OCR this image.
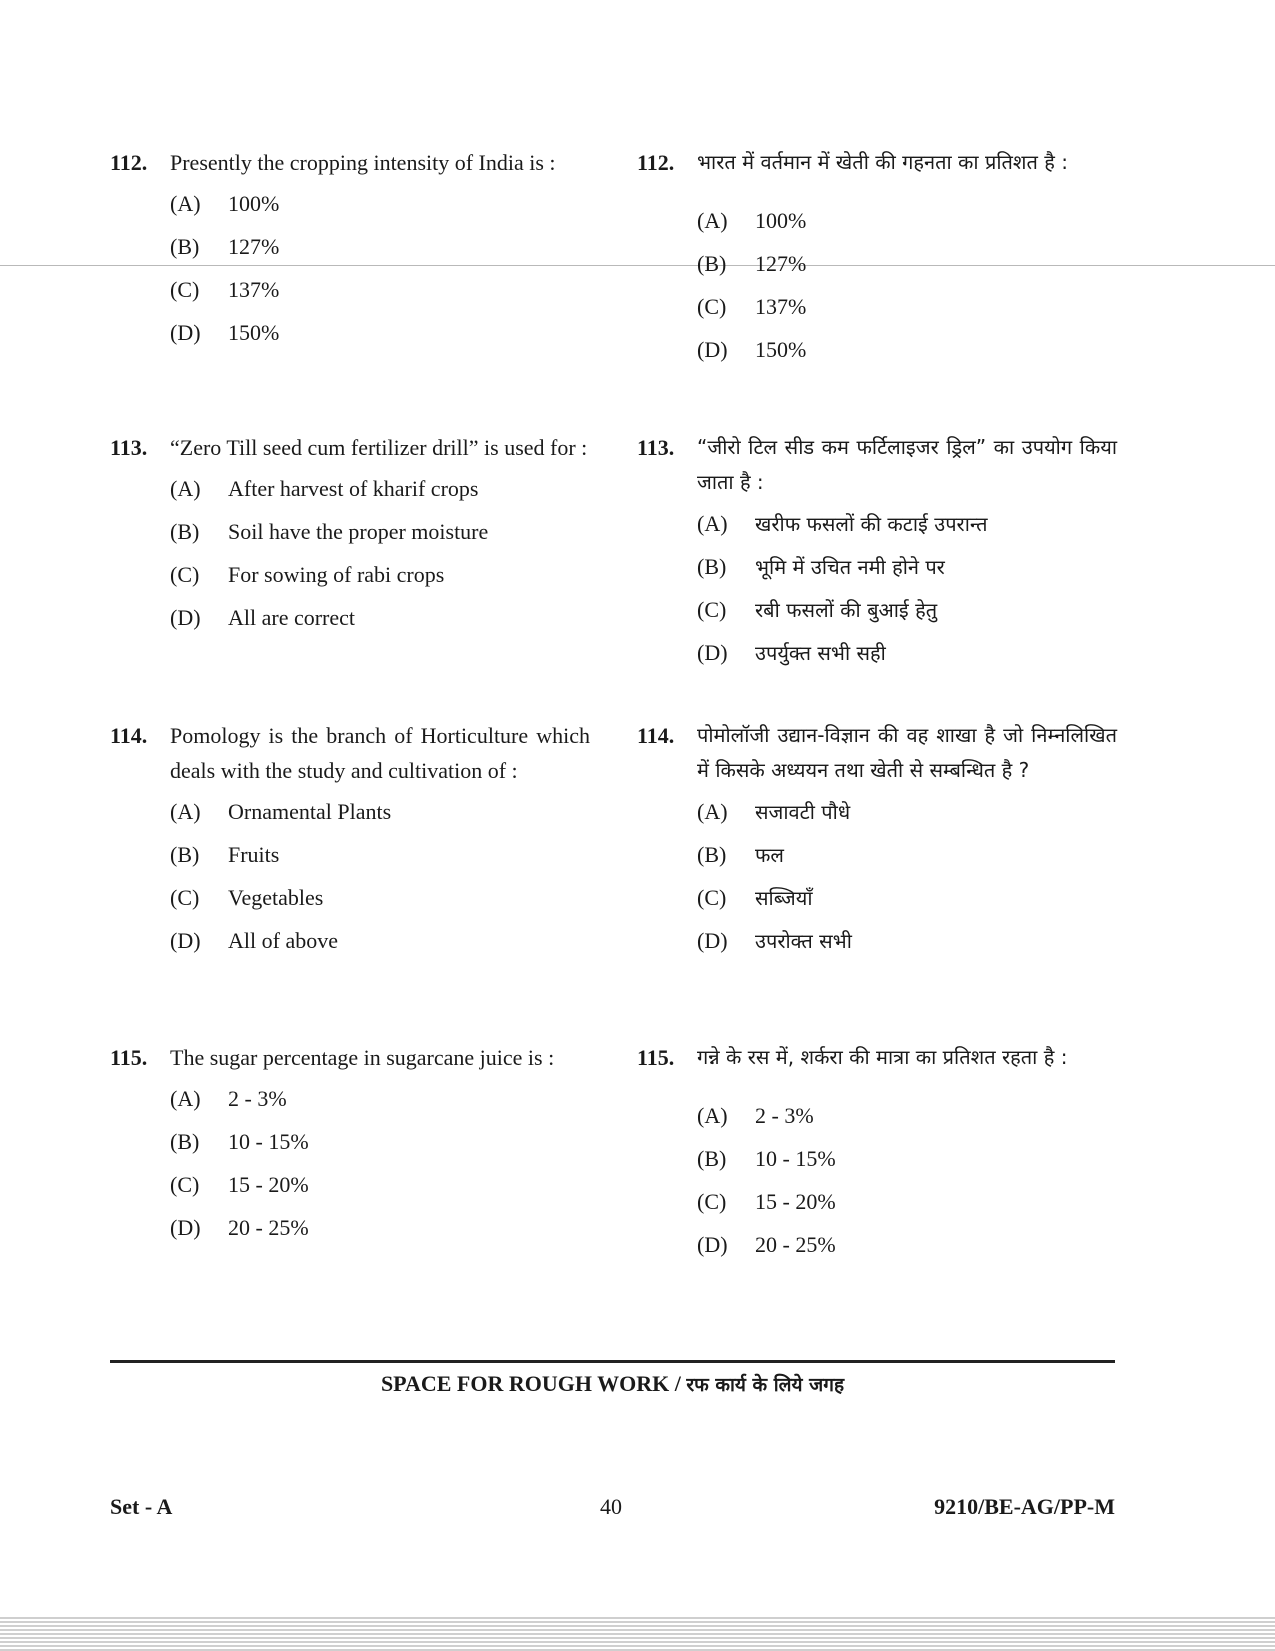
112. Presently the cropping intensity of India is :
(A) 100%
(B) 127%
(C) 137%
(D) 150%
113. “Zero Till seed cum fertilizer drill” is used for :
(A) After harvest of kharif crops
(B) Soil have the proper moisture
(C) For sowing of rabi crops
(D) All are correct
114. Pomology is the branch of Horticulture which deals with the study and cultivation of :
(A) Ornamental Plants
(B) Fruits
(C) Vegetables
(D) All of above
115. The sugar percentage in sugarcane juice is :
(A) 2 - 3%
(B) 10 - 15%
(C) 15 - 20%
(D) 20 - 25%
112. भारत में वर्तमान में खेती की गहनता का प्रतिशत है :
(A) 100%
(B) 127%
(C) 137%
(D) 150%
113. “जीरो टिल सीड कम फर्टिलाइजर ड्रिल” का उपयोग किया जाता है :
(A) खरीफ फसलों की कटाई उपरान्त
(B) भूमि में उचित नमी होने पर
(C) रबी फसलों की बुआई हेतु
(D) उपर्युक्त सभी सही
114. पोमोलॉजी उद्यान-विज्ञान की वह शाखा है जो निम्नलिखित में किसके अध्ययन तथा खेती से सम्बन्धित है ?
(A) सजावटी पौधे
(B) फल
(C) सब्जियाँ
(D) उपरोक्त सभी
115. गन्ने के रस में, शर्करा की मात्रा का प्रतिशत रहता है :
(A) 2 - 3%
(B) 10 - 15%
(C) 15 - 20%
(D) 20 - 25%
SPACE FOR ROUGH WORK / रफ कार्य के लिये जगह
Set - A	40	9210/BE-AG/PP-M
